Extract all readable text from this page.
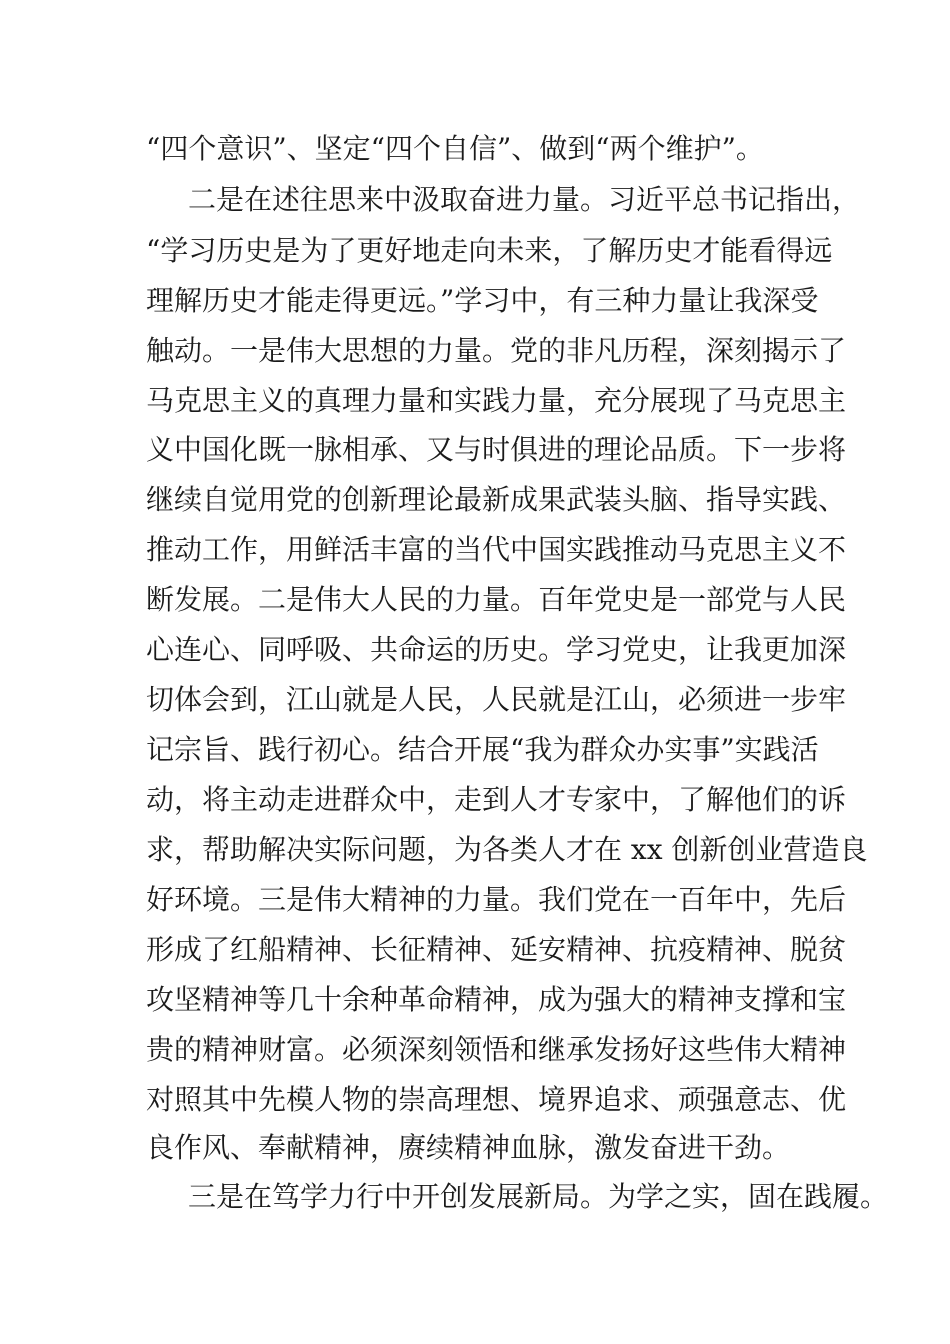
“四个意识”、坚定“四个自信”、做到“两个维护”。
二是在述往思来中汲取奋进力量。习近平总书记指出，
“学习历史是为了更好地走向未来，了解历史才能看得远
理解历史才能走得更远。”学习中，有三种力量让我深受
触动。一是伟大思想的力量。党的非凡历程，深刻揭示了
马克思主义的真理力量和实践力量，充分展现了马克思主
义中国化既一脉相承、又与时俱进的理论品质。下一步将
继续自觉用党的创新理论最新成果武装头脑、指导实践、
推动工作，用鲜活丰富的当代中国实践推动马克思主义不
断发展。二是伟大人民的力量。百年党史是一部党与人民
心连心、同呼吸、共命运的历史。学习党史，让我更加深
切体会到，江山就是人民，人民就是江山，必须进一步牢
记宗旨、践行初心。结合开展“我为群众办实事”实践活
动，将主动走进群众中，走到人才专家中，了解他们的诉
求，帮助解决实际问题，为各类人才在 xx 创新创业营造良
好环境。三是伟大精神的力量。我们党在一百年中，先后
形成了红船精神、长征精神、延安精神、抗疫精神、脱贫
攻坚精神等几十余种革命精神，成为强大的精神支撑和宝
贵的精神财富。必须深刻领悟和继承发扬好这些伟大精神
对照其中先模人物的崇高理想、境界追求、顽强意志、优
良作风、奉献精神，赓续精神血脉，激发奋进干劲。
三是在笃学力行中开创发展新局。为学之实，固在践履。
